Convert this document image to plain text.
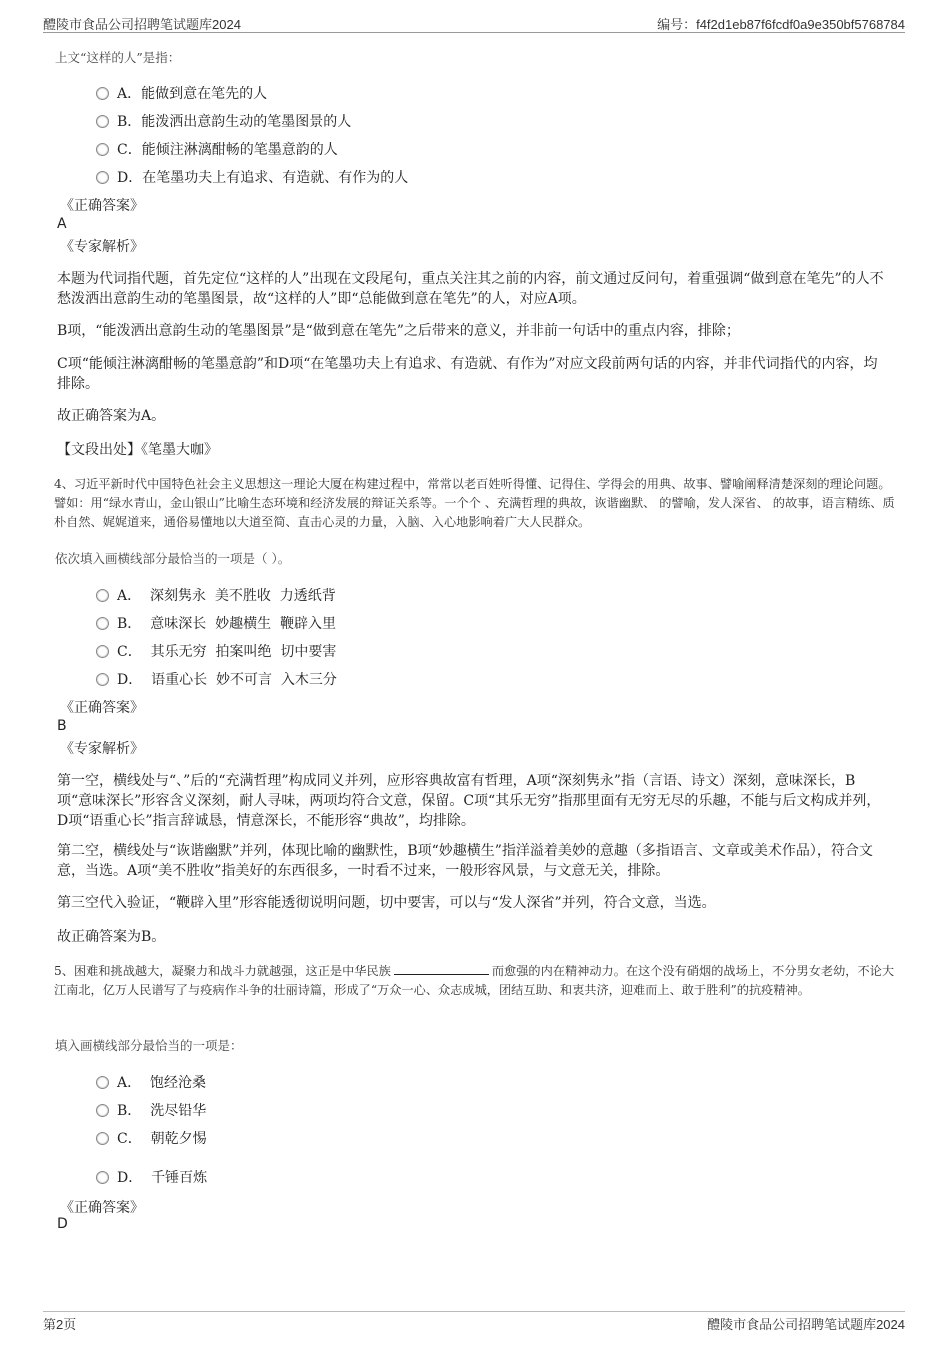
醴陵市食品公司招聘笔试题库2024	编号：f4f2d1eb87f6fcdf0a9e350bf5768784
上文“这样的人”是指：
A．能做到意在笔先的人
B．能泼洒出意韵生动的笔墨图景的人
C．能倾注淋漓酣畅的笔墨意韵的人
D．在笔墨功夫上有追求、有造就、有作为的人
《正确答案》
A
《专家解析》
本题为代词指代题，首先定位“这样的人”出现在文段尾句，重点关注其之前的内容，前文通过反问句，着重强调“做到意在笔先”的人不愁泼洒出意韵生动的笔墨图景，故“这样的人”即“总能做到意在笔先”的人，对应A项。
B项，“能泼洒出意韵生动的笔墨图景”是“做到意在笔先”之后带来的意义，并非前一句话中的重点内容，排除；
C项“能倾注淋漓酣畅的笔墨意韵”和D项“在笔墨功夫上有追求、有造就、有作为”对应文段前两句话的内容，并非代词指代的内容，均排除。
故正确答案为A。
【文段出处】《笔墨大咖》
4、习近平新时代中国特色社会主义思想这一理论大厦在构建过程中，常常以老百姓听得懂、记得住、学得会的用典、故事、譬喻阐释清楚深刻的理论问题。譬如：用“绿水青山，金山银山”比喻生态环境和经济发展的辩证关系等。一个个 、充满哲理的典故，诙谐幽默、 的譬喻，发人深省、 的故事，语言精练、质朴自然、娓娓道来，通俗易懂地以大道至简、直击心灵的力量，入脑、入心地影响着广大人民群众。
依次填入画横线部分最恰当的一项是（ ）。
A．  深刻隽永  美不胜收  力透纸背
B．  意味深长  妙趣横生  鞭辟入里
C．  其乐无穷  拍案叫绝  切中要害
D．  语重心长  妙不可言  入木三分
《正确答案》
B
《专家解析》
第一空，横线处与“、”后的“充满哲理”构成同义并列，应形容典故富有哲理，A项“深刻隽永”指（言语、诗文）深刻，意味深长，B项“意味深长”形容含义深刻，耐人寻味，两项均符合文意，保留。C项“其乐无穷”指那里面有无穷无尽的乐趣，不能与后文构成并列，D项“语重心长”指言辞诚恳，情意深长，不能形容“典故”，均排除。
第二空，横线处与“诙谐幽默”并列，体现比喻的幽默性，B项“妙趣横生”指洋溢着美妙的意趣（多指语言、文章或美术作品），符合文意，当选。A项“美不胜收”指美好的东西很多，一时看不过来，一般形容风景，与文意无关，排除。
第三空代入验证，“鞭辟入里”形容能透彻说明问题，切中要害，可以与“发人深省”并列，符合文意，当选。
故正确答案为B。
5、困难和挑战越大，凝聚力和战斗力就越强，这正是中华民族	而愈强的内在精神动力。在这个没有硝烟的战场上，不分男女老幼，不论大江南北，亿万人民谱写了与疫病作斗争的壮丽诗篇，形成了“万众一心、众志成城，团结互助、和衷共济，迎难而上、敢于胜利”的抗疫精神。
填入画横线部分最恰当的一项是：
A．  饱经沧桑
B．  洗尽铅华
C．  朝乾夕惕
D．  千锤百炼
《正确答案》
D
第2页	醴陵市食品公司招聘笔试题库2024
